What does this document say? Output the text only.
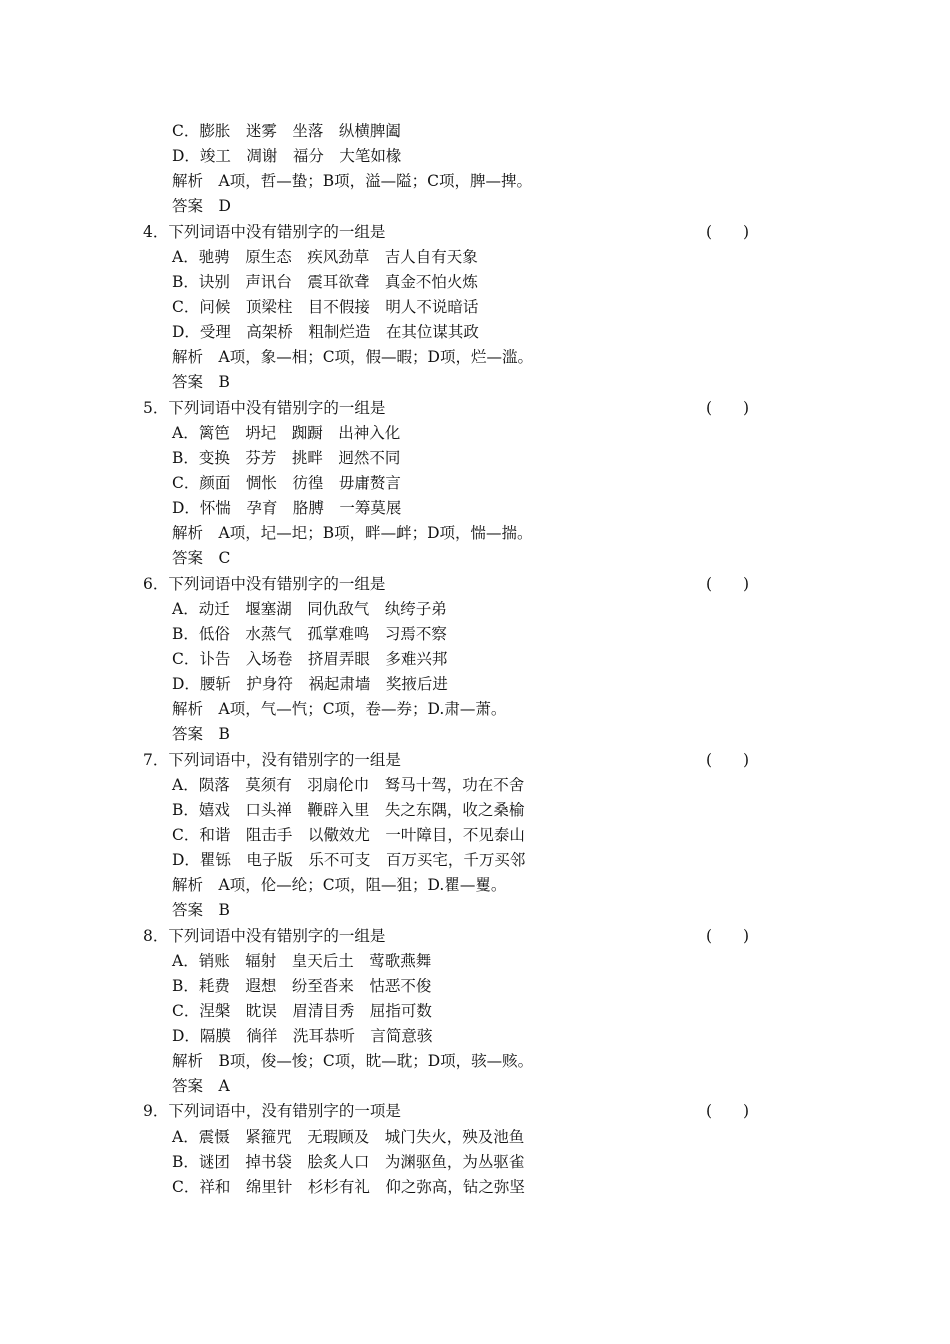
C．膨胀　迷雾　坐落　纵横脾阖
D．竣工　凋谢　福分　大笔如椽
解析　A项，哲—蛰；B项，溢—隘；C项，脾—捭。
答案　D
4．下列词语中没有错别字的一组是	(　　)
A．驰骋　原生态　疾风劲草　吉人自有天象
B．诀别　声讯台　震耳欲聋　真金不怕火炼
C．问候　顶梁柱　目不假接　明人不说暗话
D．受理　高架桥　粗制烂造　在其位谋其政
解析　A项，象—相；C项，假—暇；D项，烂—滥。
答案　B
5．下列词语中没有错别字的一组是	(　　)
A．篱笆　坍圮　踟蹰　出神入化
B．变换　芬芳　挑畔　迥然不同
C．颜面　惆怅　彷徨　毋庸赘言
D．怀惴　孕育　胳膊　一筹莫展
解析　A项，圮—圯；B项，畔—衅；D项，惴—揣。
答案　C
6．下列词语中没有错别字的一组是	(　　)
A．动迁　堰塞湖　同仇敌气　纨绔子弟
B．低俗　水蒸气　孤掌难鸣　习焉不察
C．讣告　入场卷　挤眉弄眼　多难兴邦
D．腰斩　护身符　祸起肃墙　奖掖后进
解析　A项，气—忾；C项，卷—券；D.肃—萧。
答案　B
7．下列词语中，没有错别字的一组是	(　　)
A．陨落　莫须有　羽扇伦巾　驽马十驾，功在不舍
B．嬉戏　口头禅　鞭辟入里　失之东隅，收之桑榆
C．和谐　阻击手　以儆效尤　一叶障目，不见泰山
D．瞿铄　电子版　乐不可支　百万买宅，千万买邻
解析　A项，伦—纶；C项，阻—狙；D.瞿—矍。
答案　B
8．下列词语中没有错别字的一组是	(　　)
A．销账　辐射　皇天后土　莺歌燕舞
B．耗费　遐想　纷至沓来　怙恶不俊
C．涅槃　眈误　眉清目秀　屈指可数
D．隔膜　徜徉　洗耳恭听　言简意骇
解析　B项，俊—悛；C项，眈—耽；D项，骇—赅。
答案　A
9．下列词语中，没有错别字的一项是	(　　)
A．震慑　紧箍咒　无瑕顾及　城门失火，殃及池鱼
B．谜团　掉书袋　脍炙人口　为渊驱鱼，为丛驱雀
C．祥和　绵里针　杉杉有礼　仰之弥高，钻之弥坚
